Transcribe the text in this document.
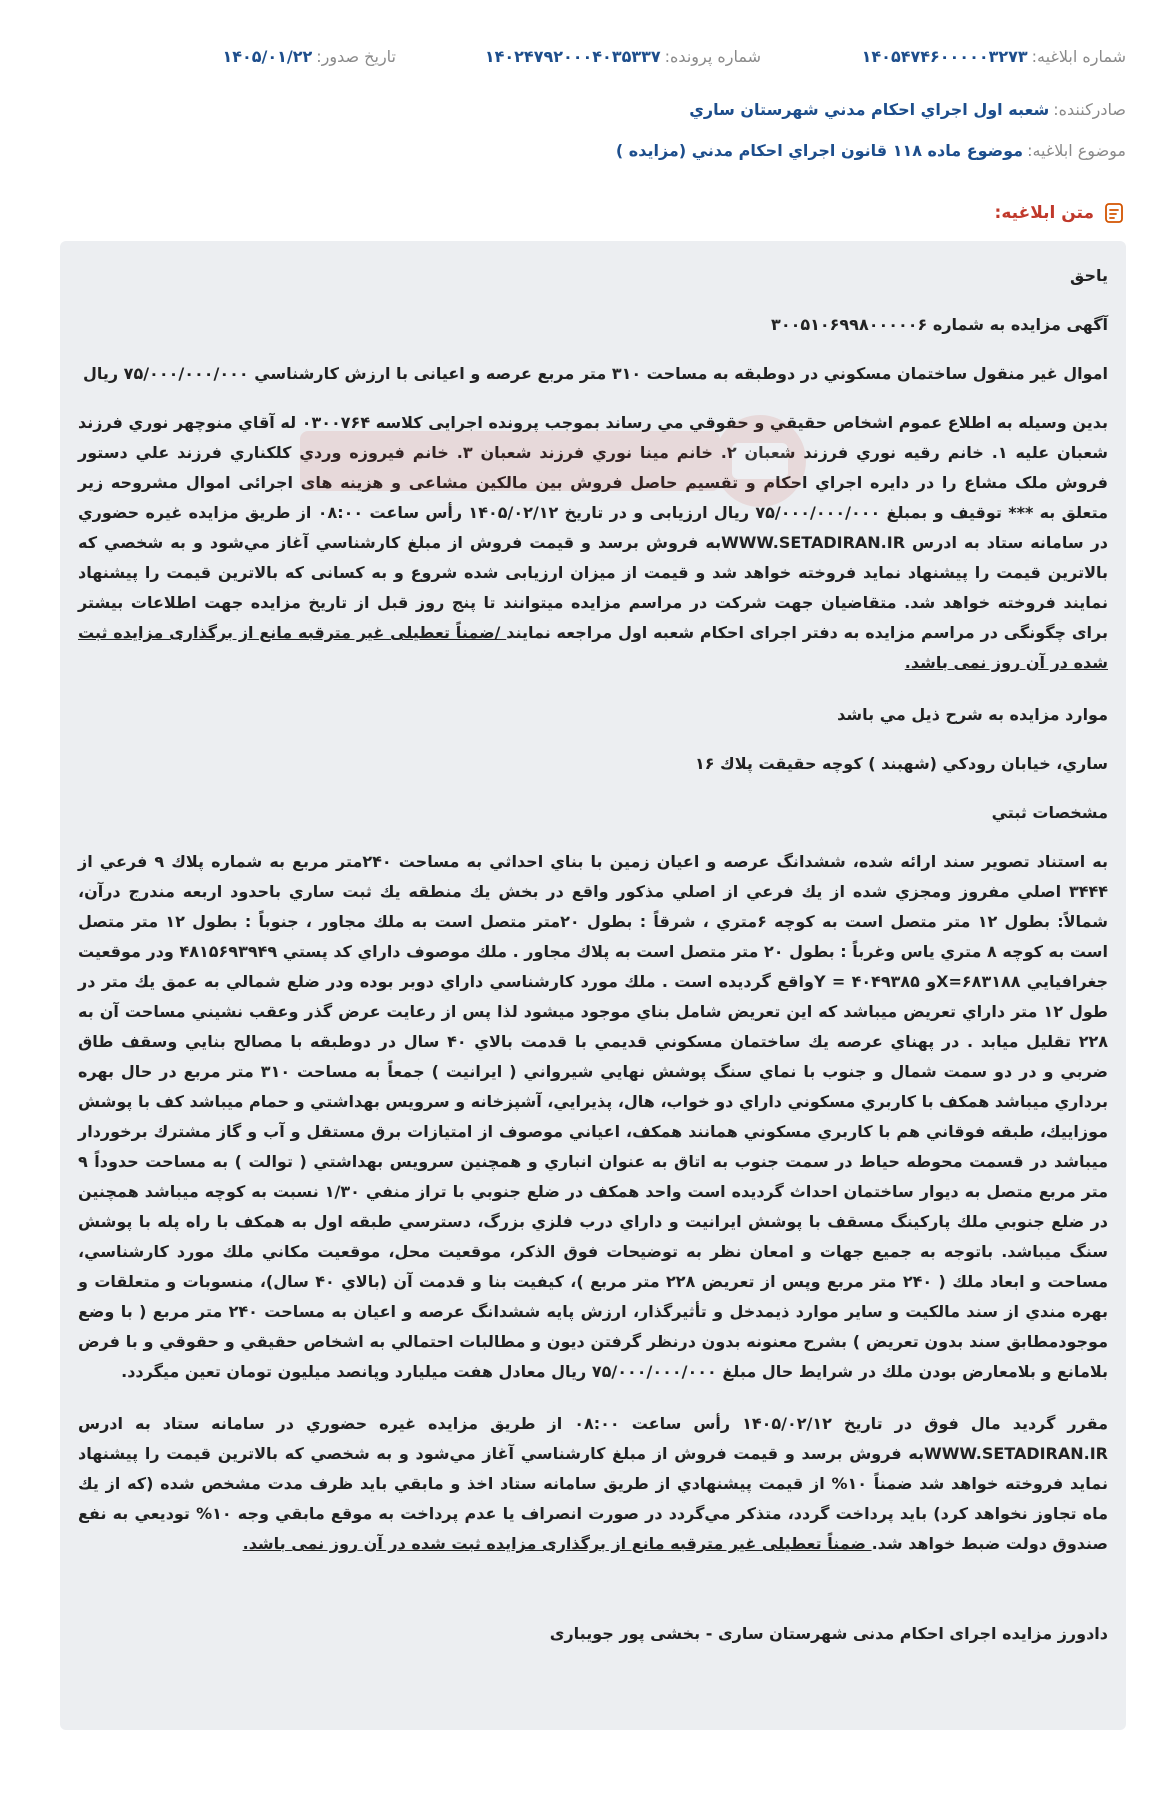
شماره ابلاغیه:
۱۴۰۵۴۷۴۶۰۰۰۰۰۳۲۷۳
شماره پرونده:
۱۴۰۲۴۷۹۲۰۰۰۴۰۳۵۳۳۷
تاریخ صدور:
۱۴۰۵/۰۱/۲۲
صادرکننده:
شعبه اول اجراي احكام مدني شهرستان ساري
موضوع ابلاغیه:
موضوع ماده ۱۱۸ قانون اجراي احكام مدني (مزايده )
متن ابلاغیه:

ياحق

آگهی مزایده به شماره ۳۰۰۵۱۰۶۹۹۸۰۰۰۰۰۶

اموال غير منقول ساختمان مسكوني در دوطبقه به مساحت ۳۱۰ متر مربع عرصه و اعیانی با ارزش كارشناسي ۷۵/۰۰۰/۰۰۰/۰۰۰ ريال

بدين وسيله به اطلاع عموم اشخاص حقيقي و حقوقي مي رساند بموجب پرونده اجرایی کلاسه ۰۳۰۰۷۶۴ له آقاي منوچهر نوري فرزند شعبان عليه ۱. خانم رقيه نوري فرزند شعبان ۲. خانم مينا نوري فرزند شعبان ۳. خانم فيروزه وردي كلكناري فرزند علي دستور فروش ملک مشاع را در دايره اجراي احكام و تقسيم حاصل فروش بين مالكين مشاعی و هزينه های اجرائی اموال مشروحه زير متعلق به *** توقیف و بمبلغ ۷۵/۰۰۰/۰۰۰/۰۰۰ ريال ارزيابی و در تاريخ ۱۴۰۵/۰۲/۱۲ رأس ساعت ۰۸:۰۰ از طريق مزايده غيره حضوري در سامانه ستاد به ادرس WWW.SETADIRAN.IRبه فروش برسد و قيمت فروش از مبلغ كارشناسي آغاز مي‌شود و به شخصي كه بالاترين قيمت را پيشنهاد نمايد فروخته خواهد شد و قیمت از ميزان ارزيابی شده شروع و به كسانی كه بالاترين قيمت را پيشنهاد نمايند فروخته خواهد شد. متقاضيان جهت شركت در مراسم مزايده ميتوانند تا پنج روز قبل از تاريخ مزايده جهت اطلاعات بيشتر برای چگونگی در مراسم مزايده به دفتر اجرای احکام شعبه اول مراجعه نمايند /ضمناً تعطیلی غیر مترقبه مانع از برگذاری مزایده ثبت شده در آن روز نمی باشد.

موارد مزايده به شرح ذيل مي باشد

ساري، خيابان رودكي (شهبند ) كوچه حقيقت پلاك ۱۶

مشخصات ثبتي

به استناد تصوير سند ارائه شده، ششدانگ عرصه و اعيان زمين با بناي احداثي به مساحت ۲۴۰متر مربع به شماره پلاك ۹ فرعي از ۳۴۴۴ اصلي مفروز ومجزي شده از يك فرعي از اصلي مذكور واقع در بخش يك منطقه يك ثبت ساري باحدود اربعه مندرج درآن، شمالاً: بطول ۱۲ متر متصل است به كوچه ۶متري ، شرقاً : بطول ۲۰متر متصل است به ملك مجاور ، جنوباً : بطول ۱۲ متر متصل است به كوچه ۸ متري ياس وغرباً : بطول ۲۰ متر متصل است به پلاك مجاور . ملك موصوف داراي كد پستي ۴۸۱۵۶۹۳۹۴۹ ودر موقعيت جغرافيايي X=۶۸۳۱۸۸و ۴۰۴۹۳۸۵ = Yواقع گرديده است . ملك مورد كارشناسي داراي دوبر بوده ودر ضلع شمالي به عمق يك متر در طول ۱۲ متر داراي تعريض ميباشد كه اين تعريض شامل بناي موجود ميشود لذا پس از رعايت عرض گذر وعقب نشيني مساحت آن به ۲۲۸ تقليل ميابد . در پهناي عرصه يك ساختمان مسكوني قديمي با قدمت بالاي ۴۰ سال در دوطبقه با مصالح بنايي وسقف طاق ضربي و در دو سمت شمال و جنوب با نماي سنگ پوشش نهايي شيرواني ( ايرانيت ) جمعاً به مساحت ۳۱۰ متر مربع در حال بهره برداري ميباشد همكف با كاربري مسكوني داراي دو خواب، هال، پذيرايي، آشپزخانه و سرويس بهداشتي و حمام ميباشد كف با پوشش موزاييك، طبقه فوقاني هم با كاربري مسكوني همانند همكف، اعياني موصوف از امتيازات برق مستقل و آب و گاز مشترك برخوردار ميباشد در قسمت محوطه حياط در سمت جنوب به اتاق به عنوان انباري و همچنين سرويس بهداشتي ( توالت ) به مساحت حدوداً ۹ متر مربع متصل به ديوار ساختمان احداث گرديده است واحد همكف در ضلع جنوبي با تراز منفي ۱/۳۰ نسبت به كوچه ميباشد همچنين در ضلع جنوبي ملك پاركينگ مسقف با پوشش ايرانيت و داراي درب فلزي بزرگ، دسترسي طبقه اول به همكف با راه پله با پوشش سنگ ميباشد. باتوجه به جميع جهات و امعان نظر به توضيحات فوق الذكر، موقعيت محل، موقعيت مكاني ملك مورد كارشناسي، مساحت و ابعاد ملك ( ۲۴۰ متر مربع وپس از تعريض ۲۲۸ متر مربع )، كيفيت بنا و قدمت آن (بالاي ۴۰ سال)، منسوبات و متعلقات و بهره مندي از سند مالكيت و ساير موارد ذيمدخل و تأثيرگذار، ارزش پايه ششدانگ عرصه و اعيان به مساحت ۲۴۰ متر مربع ( با وضع موجودمطابق سند بدون تعريض ) بشرح معنونه بدون درنظر گرفتن ديون و مطالبات احتمالي به اشخاص حقيقي و حقوقي و با فرض بلامانع و بلامعارض بودن ملك در شرايط حال مبلغ ۷۵/۰۰۰/۰۰۰/۰۰۰ ريال معادل هفت ميليارد وپانصد ميليون تومان تعين ميگردد.

مقرر گرديد مال فوق در تاريخ ۱۴۰۵/۰۲/۱۲ رأس ساعت ۰۸:۰۰ از طريق مزايده غيره حضوري در سامانه ستاد به ادرس WWW.SETADIRAN.IRبه فروش برسد و قيمت فروش از مبلغ كارشناسي آغاز مي‌شود و به شخصي كه بالاترين قيمت را پيشنهاد نمايد فروخته خواهد شد ضمناً ۱۰% از قيمت پيشنهادي از طريق سامانه ستاد اخذ و مابقي بايد ظرف مدت مشخص شده (كه از يك ماه تجاوز نخواهد كرد) بايد پرداخت گردد، متذكر مي‌گردد در صورت انصراف يا عدم پرداخت به موقع مابقي وجه ۱۰% توديعي به نفع صندوق دولت ضبط خواهد شد. ضمناً تعطیلی غیر مترقبه مانع از برگذاری مزایده ثبت شده در آن روز نمی باشد.

دادورز مزایده اجرای احکام مدنی شهرستان ساری - بخشی پور جویباری
